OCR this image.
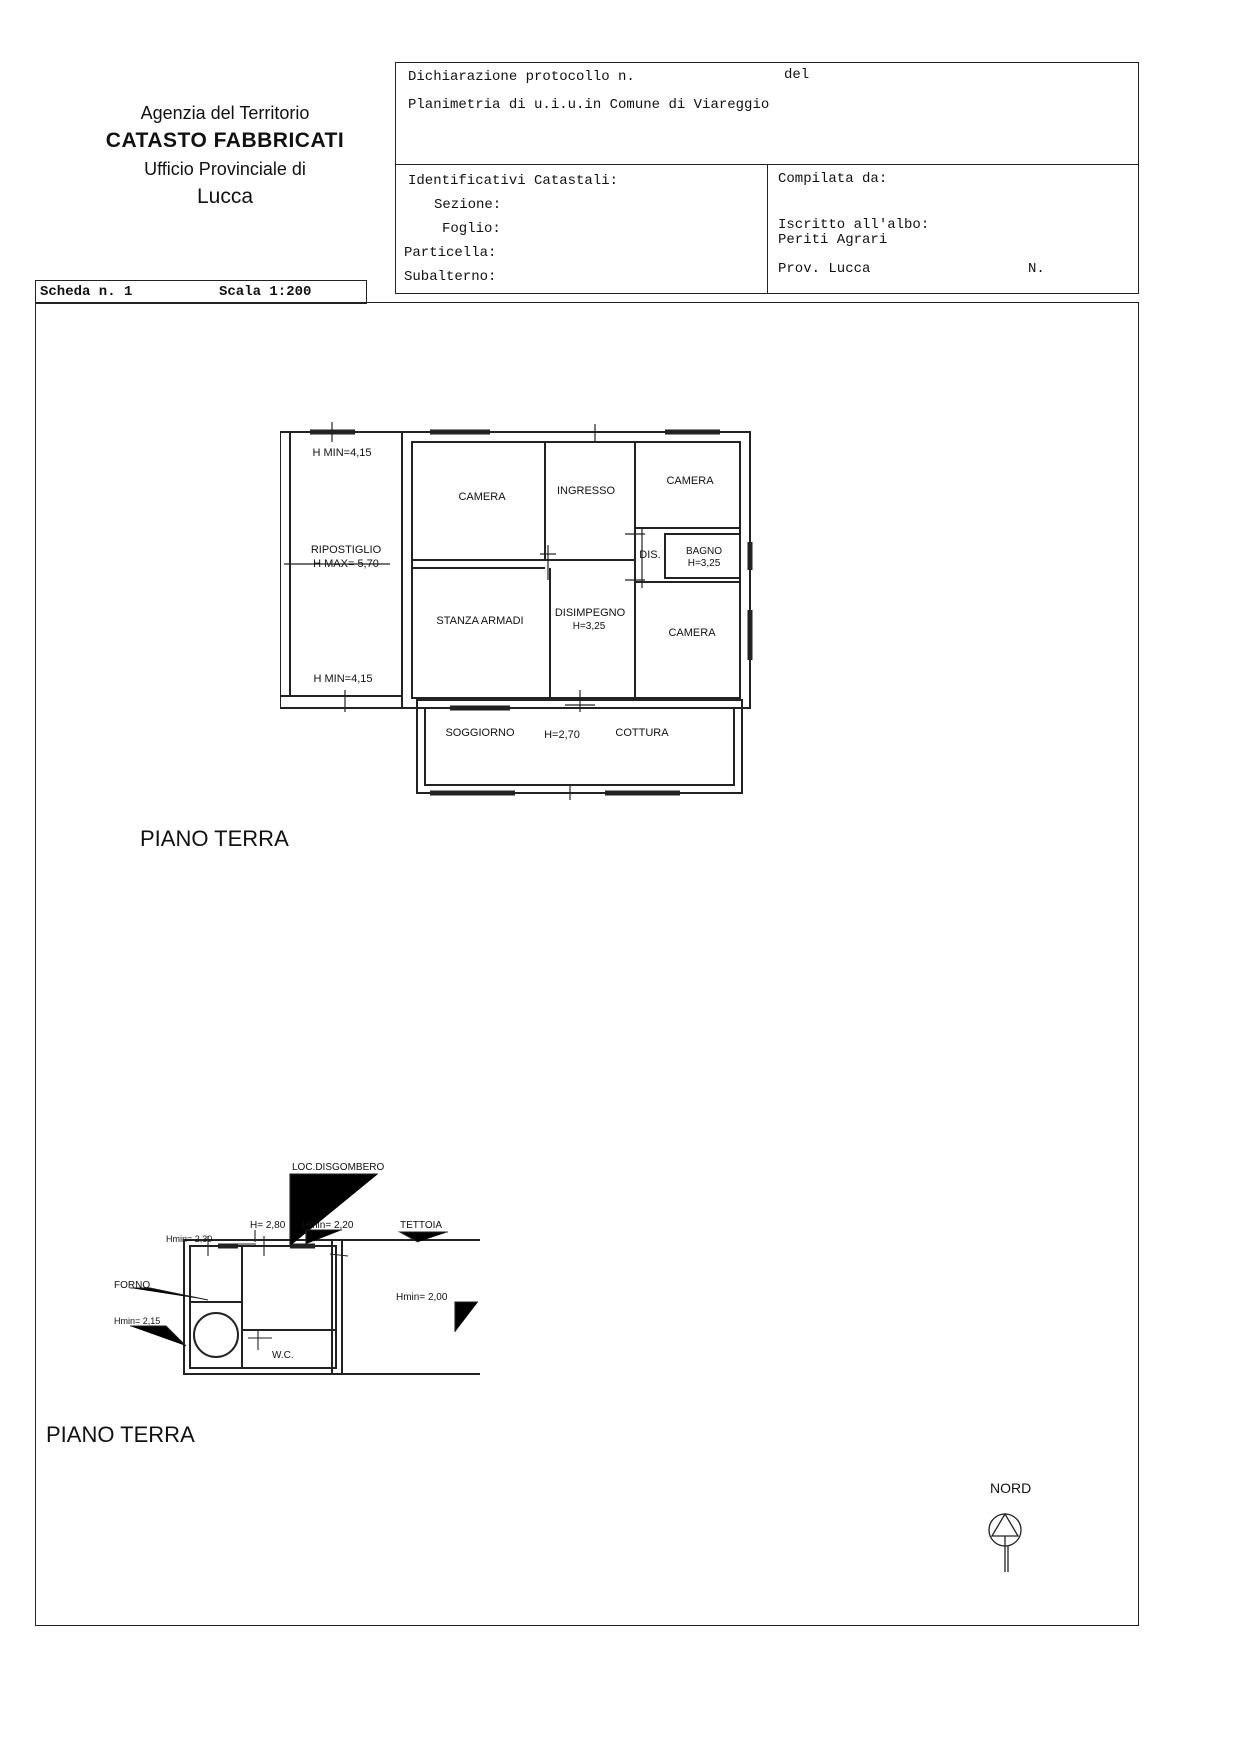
Agenzia del Territorio
CATASTO FABBRICATI
Ufficio Provinciale di
Lucca
Dichiarazione protocollo n.	del
Planimetria di u.i.u.in Comune di Viareggio
Identificativi Catastali:
Sezione:
Foglio:
Particella:
Subalterno:
Compilata da:
Iscritto all'albo:
Periti Agrari
Prov. Lucca	N.
Scheda n. 1	Scala 1:200
H MIN=4,15
RIPOSTIGLIO
H MAX= 5,70
H MIN=4,15
CAMERA	INGRESSO
CAMERA
DIS.	BAGNO
H=3,25
STANZA ARMADI
DISIMPEGNO
H=3,25
CAMERA
SOGGIORNO	H=2,70	COTTURA
PIANO TERRA
LOC.DISGOMBERO
H= 2,80
Hmin= 2,30
Hmin= 2,20	TETTOIA
FORNO
Hmin= 2,15
Hmin= 2,00
W.C.
PIANO TERRA
NORD
